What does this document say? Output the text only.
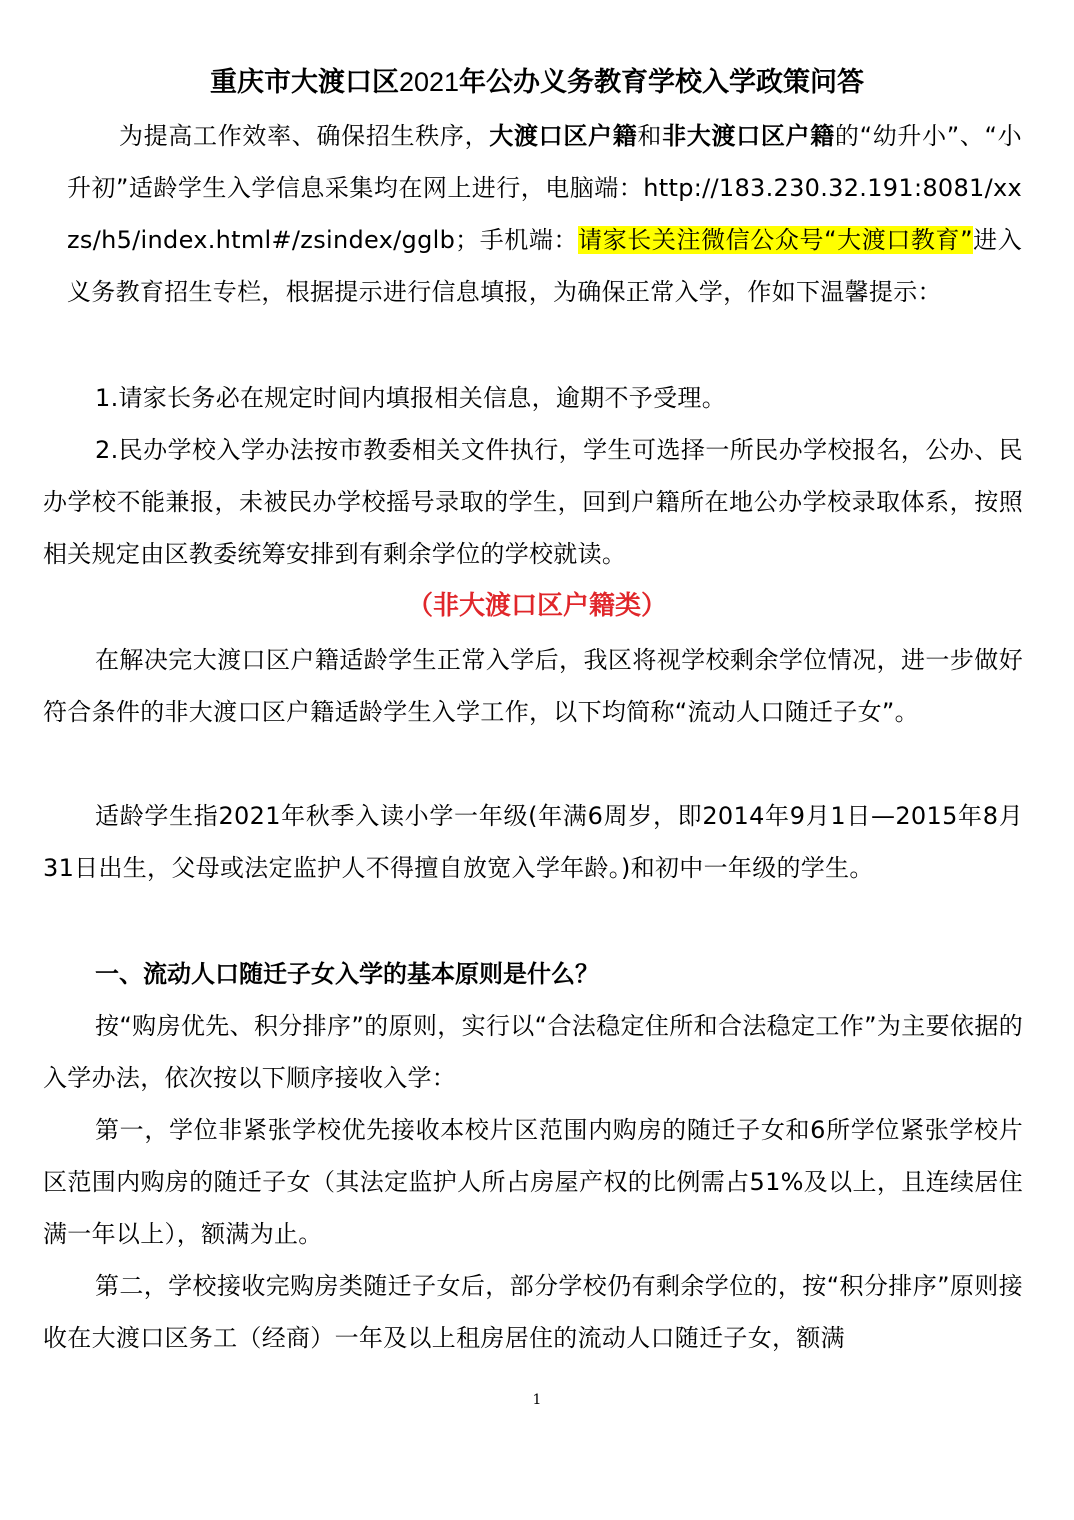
重庆市大渡口区2021年公办义务教育学校入学政策问答
为提高工作效率、确保招生秩序，大渡口区户籍和非大渡口区户籍的“幼升小”、“小升初”适龄学生入学信息采集均在网上进行，电脑端：http://183.230.32.191:8081/xxzs/h5/index.html#/zsindex/gglb；手机端：请家长关注微信公众号“大渡口教育”进入义务教育招生专栏，根据提示进行信息填报，为确保正常入学，作如下温馨提示：
1.请家长务必在规定时间内填报相关信息，逾期不予受理。
2.民办学校入学办法按市教委相关文件执行，学生可选择一所民办学校报名，公办、民办学校不能兼报，未被民办学校摇号录取的学生，回到户籍所在地公办学校录取体系，按照相关规定由区教委统筹安排到有剩余学位的学校就读。
（非大渡口区户籍类）
在解决完大渡口区户籍适龄学生正常入学后，我区将视学校剩余学位情况，进一步做好符合条件的非大渡口区户籍适龄学生入学工作，以下均简称“流动人口随迁子女”。
适龄学生指2021年秋季入读小学一年级(年满6周岁，即2014年9月1日—2015年8月31日出生，父母或法定监护人不得擅自放宽入学年龄。)和初中一年级的学生。
一、流动人口随迁子女入学的基本原则是什么？
按“购房优先、积分排序”的原则，实行以“合法稳定住所和合法稳定工作”为主要依据的入学办法，依次按以下顺序接收入学：
第一，学位非紧张学校优先接收本校片区范围内购房的随迁子女和6所学位紧张学校片区范围内购房的随迁子女（其法定监护人所占房屋产权的比例需占51%及以上，且连续居住满一年以上），额满为止。
第二，学校接收完购房类随迁子女后，部分学校仍有剩余学位的，按“积分排序”原则接收在大渡口区务工（经商）一年及以上租房居住的流动人口随迁子女，额满
1
